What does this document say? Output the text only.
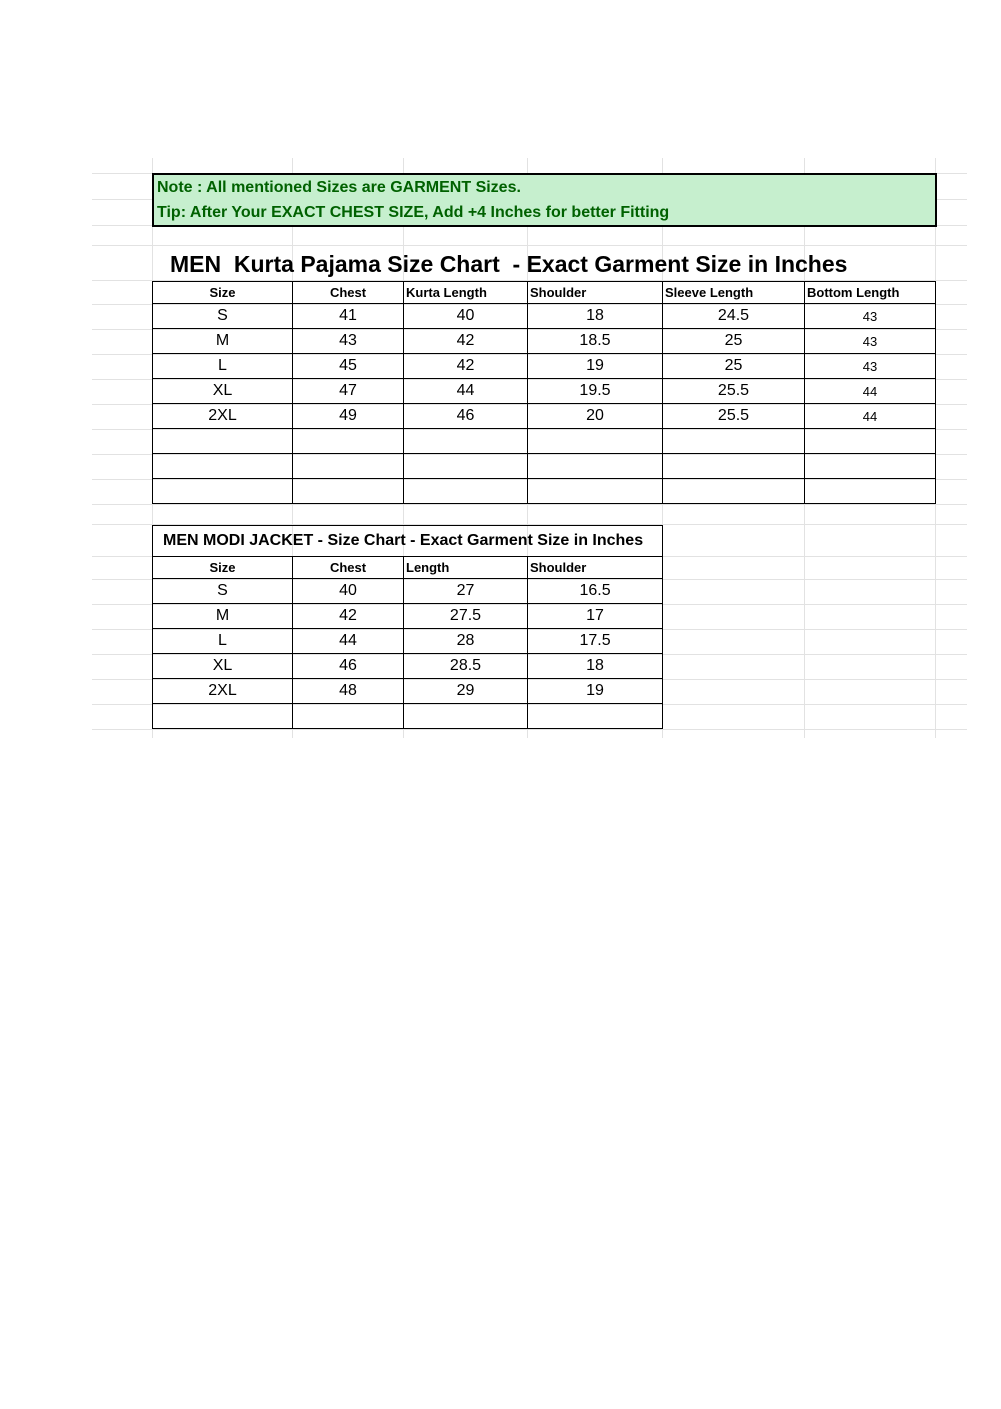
Note : All mentioned Sizes are GARMENT Sizes.
Tip: After Your EXACT CHEST SIZE, Add +4 Inches for better Fitting
MEN  Kurta Pajama Size Chart  - Exact Garment Size in Inches
Size	Chest	Kurta Length	Shoulder	Sleeve Length	Bottom Length
S	41	40	18	24.5	43
M	43	42	18.5	25	43
L	45	42	19	25	43
XL	47	44	19.5	25.5	44
2XL	49	46	20	25.5	44

MEN MODI JACKET - Size Chart - Exact Garment Size in Inches			
Size	Chest	Length	Shoulder
S	40	27	16.5
M	42	27.5	17
L	44	28	17.5
XL	46	28.5	18
2XL	48	29	19
